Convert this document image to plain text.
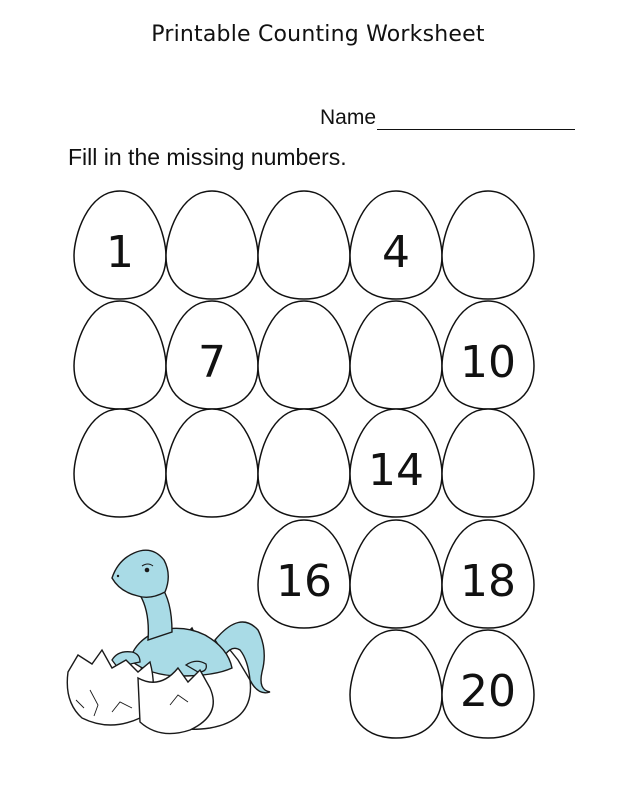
Printable Counting Worksheet
Name
Fill in the missing numbers.
1	4
7	10
14
16	18
20
